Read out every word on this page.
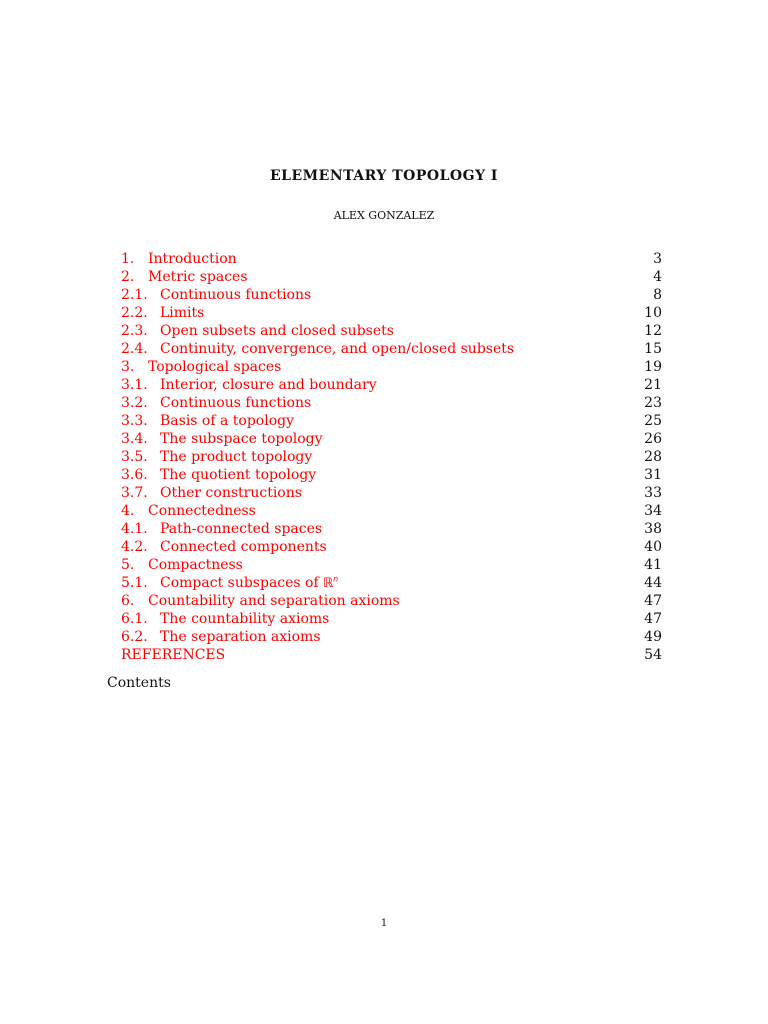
ELEMENTARY TOPOLOGY I
ALEX GONZALEZ
1. Introduction	3
2. Metric spaces	4
2.1. Continuous functions	8
2.2. Limits	10
2.3. Open subsets and closed subsets	12
2.4. Continuity, convergence, and open/closed subsets	15
3. Topological spaces	19
3.1. Interior, closure and boundary	21
3.2. Continuous functions	23
3.3. Basis of a topology	25
3.4. The subspace topology	26
3.5. The product topology	28
3.6. The quotient topology	31
3.7. Other constructions	33
4. Connectedness	34
4.1. Path-connected spaces	38
4.2. Connected components	40
5. Compactness	41
5.1. Compact subspaces of ℝ$^n$	44
6. Countability and separation axioms	47
6.1. The countability axioms	47
6.2. The separation axioms	49
REFERENCES	54
Contents
1
